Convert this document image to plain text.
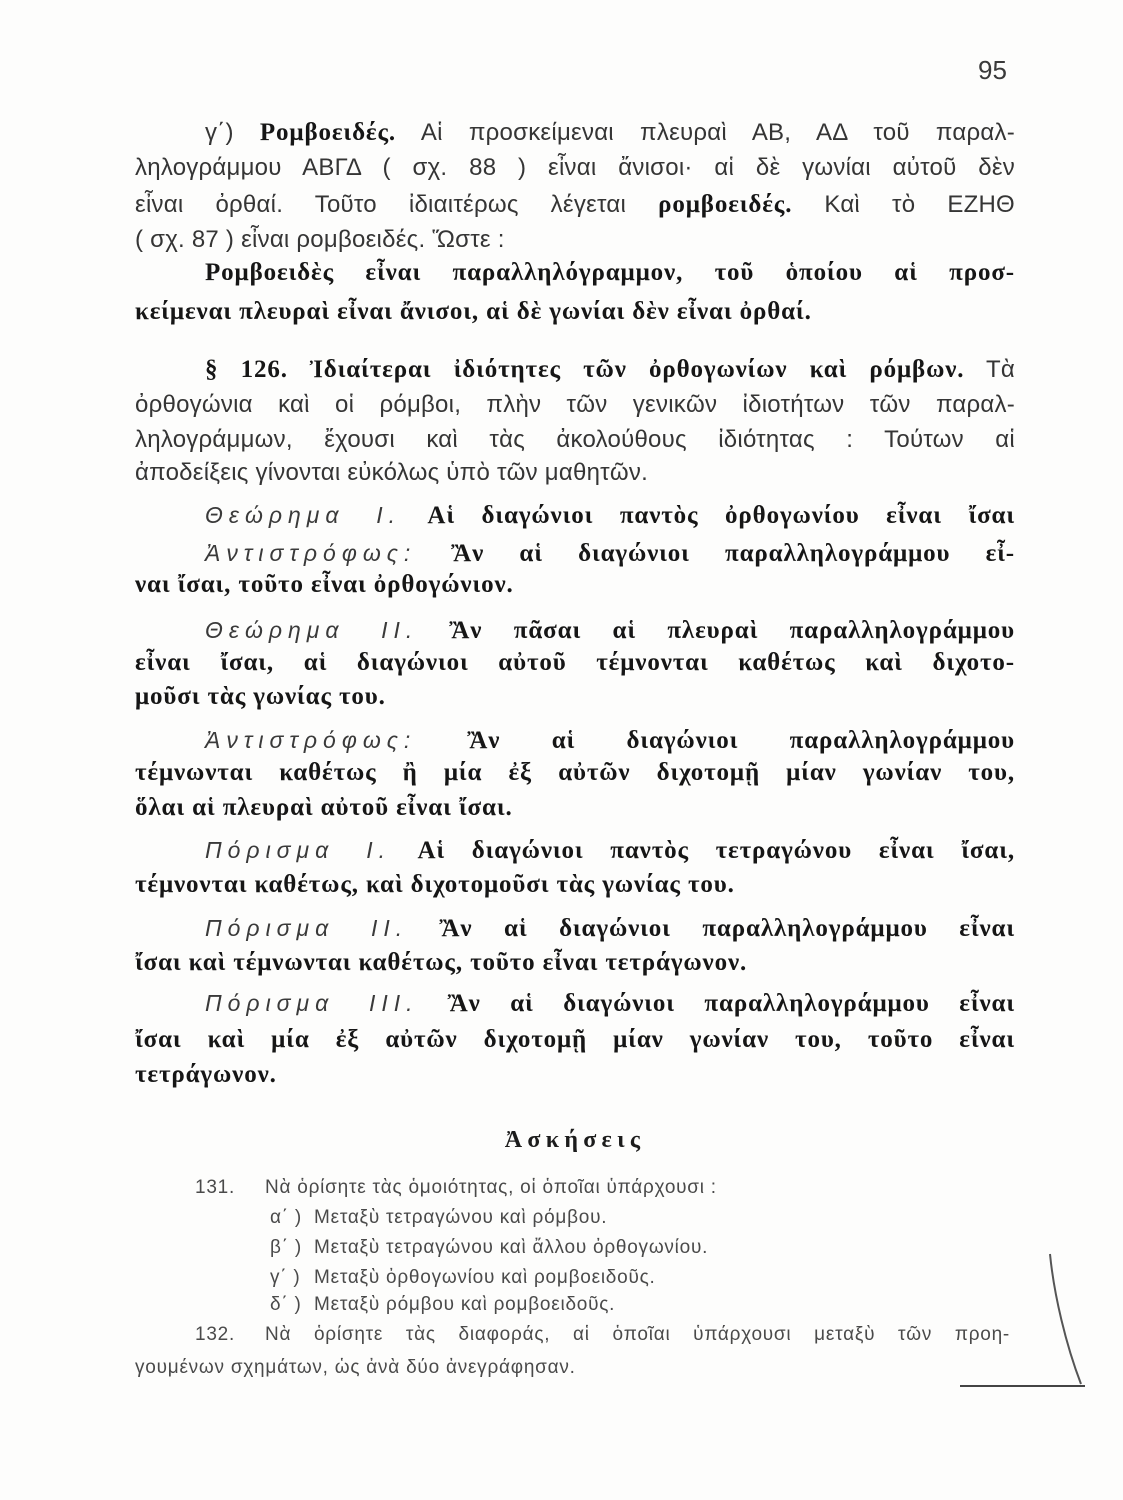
95
γ΄) Ρομβοειδές. Αἱ προσκείμεναι πλευραὶ ΑΒ, ΑΔ τοῦ παραλ-
ληλογράμμου ΑΒΓΔ ( σχ. 88 ) εἶναι ἄνισοι· αἱ δὲ γωνίαι αὐτοῦ δὲν
εἶναι ὀρθαί. Τοῦτο ἰδιαιτέρως λέγεται ρομβοειδές. Καὶ τὸ ΕΖΗΘ
( σχ. 87 ) εἶναι ρομβοειδές. Ὥστε :
Ρομβοειδὲς εἶναι παραλληλόγραμμον, τοῦ ὁποίου αἱ προσ-
κείμεναι πλευραὶ εἶναι ἄνισοι, αἱ δὲ γωνίαι δὲν εἶναι ὀρθαί.
§ 126. Ἰδιαίτεραι ἰδιότητες τῶν ὀρθογωνίων καὶ ρόμβων. Τὰ
ὀρθογώνια καὶ οἱ ρόμβοι, πλὴν τῶν γενικῶν ἰδιοτήτων τῶν παραλ-
ληλογράμμων, ἔχουσι καὶ τὰς ἀκολούθους ἰδιότητας : Τούτων αἱ
ἀποδείξεις γίνονται εὐκόλως ὑπὸ τῶν μαθητῶν.
Θεώρημα Ι. Αἱ διαγώνιοι παντὸς ὀρθογωνίου εἶναι ἴσαι
Ἀντιστρόφως: Ἂν αἱ διαγώνιοι παραλληλογράμμου εἶ-
ναι ἴσαι, τοῦτο εἶναι ὀρθογώνιον.
Θεώρημα ΙΙ. Ἂν πᾶσαι αἱ πλευραὶ παραλληλογράμμου
εἶναι ἴσαι, αἱ διαγώνιοι αὐτοῦ τέμνονται καθέτως καὶ διχοτο-
μοῦσι τὰς γωνίας του.
Ἀντιστρόφως: Ἂν αἱ διαγώνιοι παραλληλογράμμου
τέμνωνται καθέτως ἢ μία ἐξ αὐτῶν διχοτομῇ μίαν γωνίαν του,
ὅλαι αἱ πλευραὶ αὐτοῦ εἶναι ἴσαι.
Πόρισμα Ι. Αἱ διαγώνιοι παντὸς τετραγώνου εἶναι ἴσαι,
τέμνονται καθέτως, καὶ διχοτομοῦσι τὰς γωνίας του.
Πόρισμα ΙΙ. Ἂν αἱ διαγώνιοι παραλληλογράμμου εἶναι
ἴσαι καὶ τέμνωνται καθέτως, τοῦτο εἶναι τετράγωνον.
Πόρισμα ΙΙΙ. Ἂν αἱ διαγώνιοι παραλληλογράμμου εἶναι
ἴσαι καὶ μία ἐξ αὐτῶν διχοτομῇ μίαν γωνίαν του, τοῦτο εἶναι
τετράγωνον.
Ἀσκήσεις
131. Νὰ ὁρίσητε τὰς ὁμοιότητας, οἱ ὁποῖαι ὑπάρχουσι :
α΄ ) Μεταξὺ τετραγώνου καὶ ρόμβου.
β΄ ) Μεταξὺ τετραγώνου καὶ ἄλλου ὀρθογωνίου.
γ΄ ) Μεταξὺ ὀρθογωνίου καὶ ρομβοειδοῦς.
δ΄ ) Μεταξὺ ρόμβου καὶ ρομβοειδοῦς.
132. Νὰ ὁρίσητε τὰς διαφοράς, αἱ ὁποῖαι ὑπάρχουσι μεταξὺ τῶν προη-
γουμένων σχημάτων, ὡς ἀνὰ δύο ἀνεγράφησαν.
